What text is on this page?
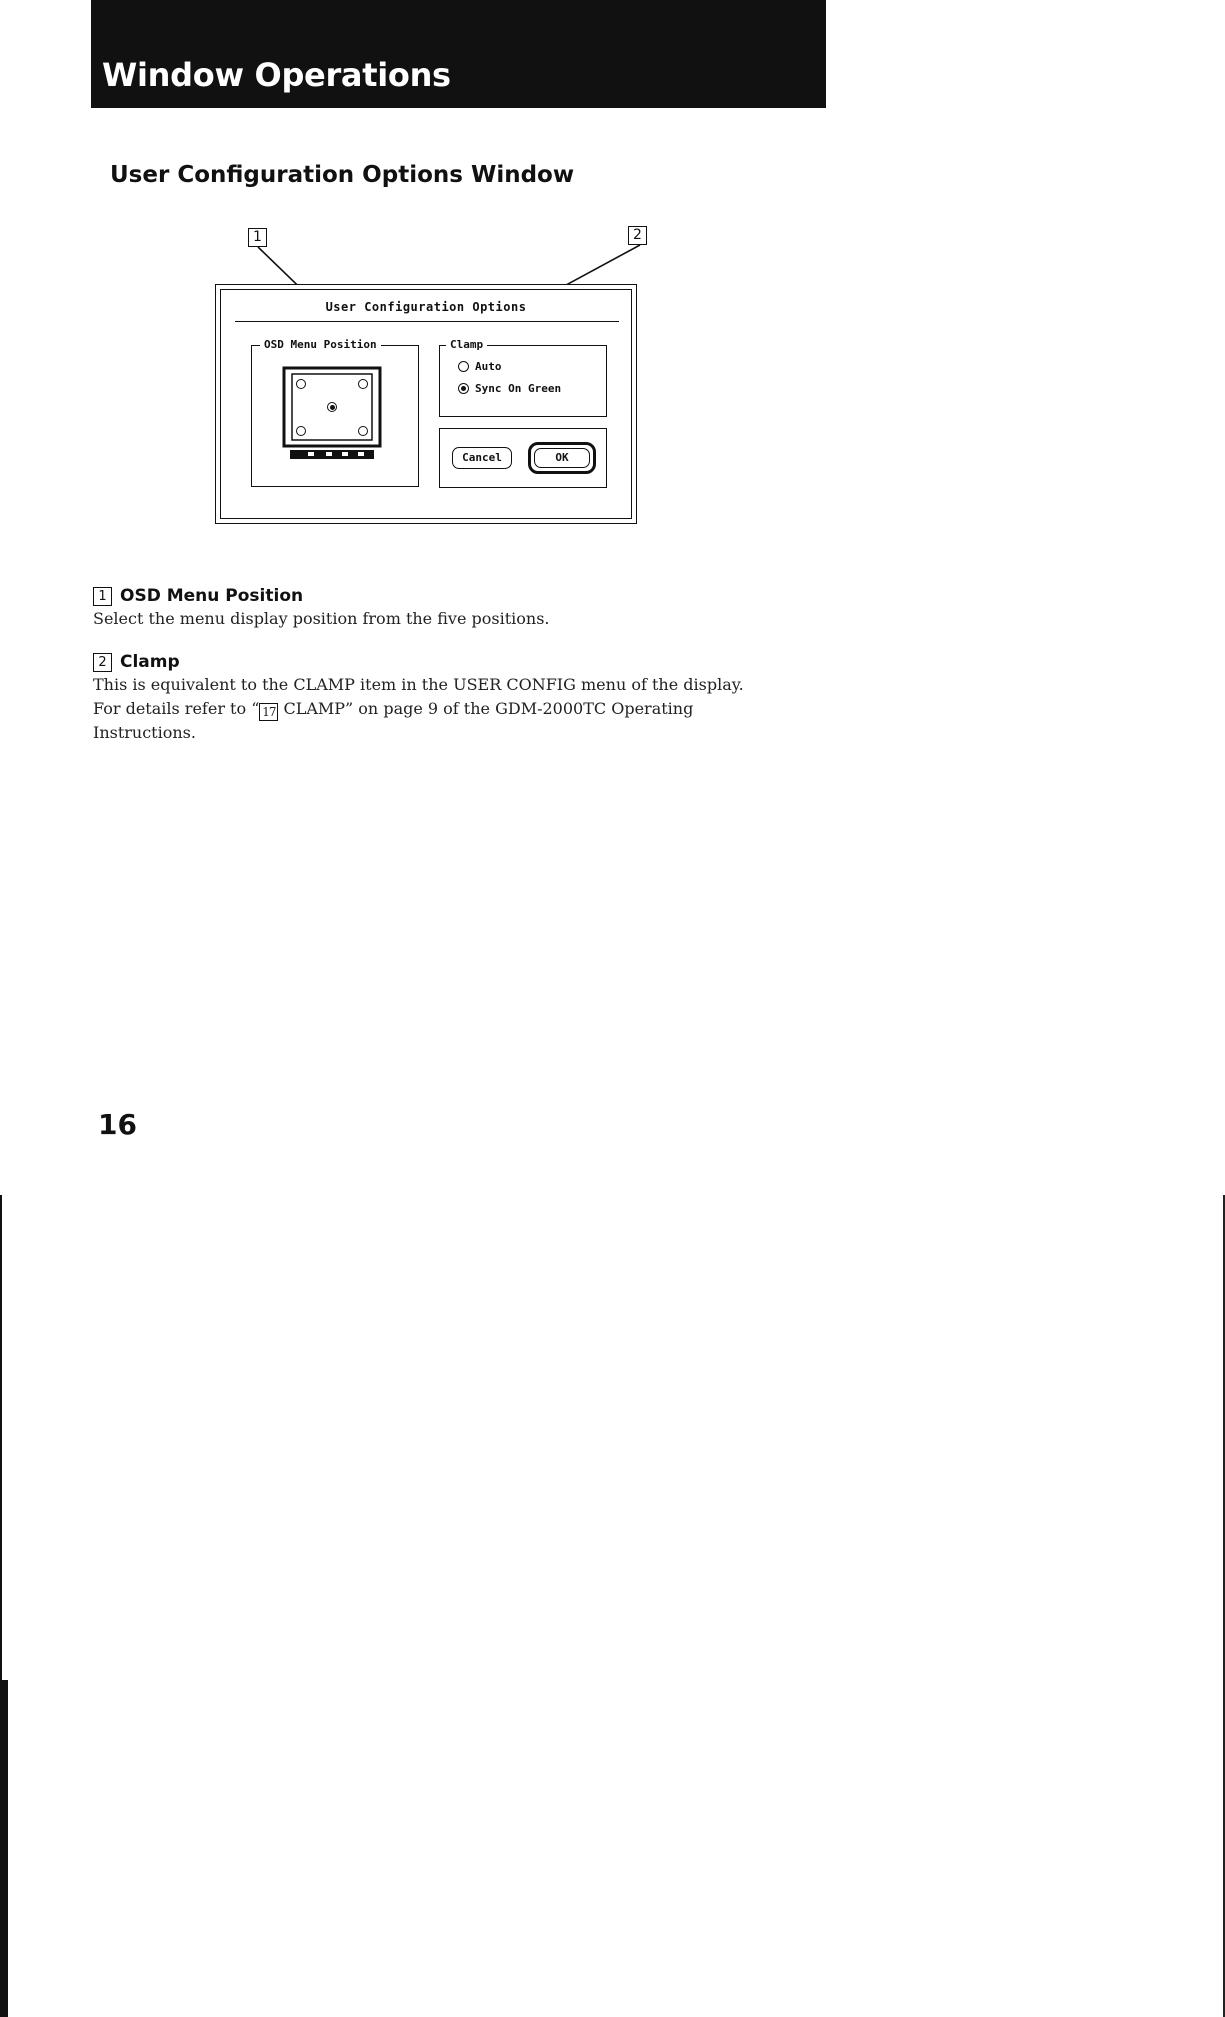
Window Operations
User Configuration Options Window
1	2
User Configuration Options
OSD Menu Position	Clamp
Auto
Sync On Green
Cancel	OK
1 OSD Menu Position
Select the menu display position from the five positions.
2 Clamp
This is equivalent to the CLAMP item in the USER CONFIG menu of the display. For details refer to “ 17 CLAMP” on page 9 of the GDM-2000TC Operating Instructions.
16
